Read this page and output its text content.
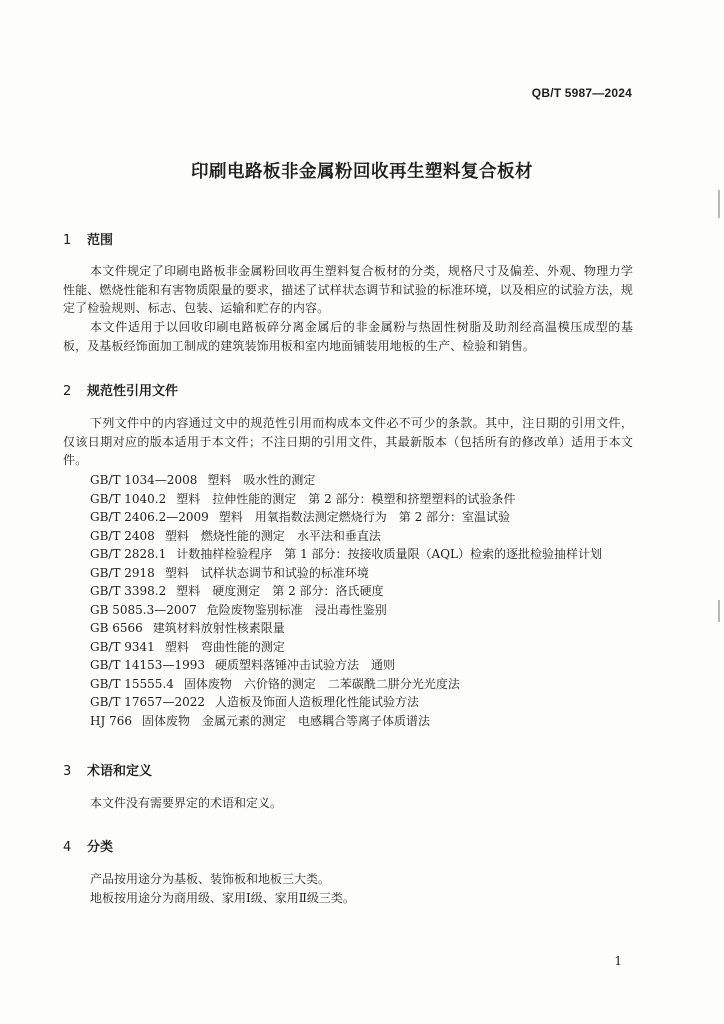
QB/T 5987—2024
印刷电路板非金属粉回收再生塑料复合板材
1 范围

本文件规定了印刷电路板非金属粉回收再生塑料复合板材的分类，规格尺寸及偏差、外观、物理力学性能、燃烧性能和有害物质限量的要求，描述了试样状态调节和试验的标准环境，以及相应的试验方法，规定了检验规则、标志、包装、运输和贮存的内容。

本文件适用于以回收印刷电路板碎分离金属后的非金属粉与热固性树脂及助剂经高温模压成型的基板，及基板经饰面加工制成的建筑装饰用板和室内地面铺装用地板的生产、检验和销售。

2 规范性引用文件

下列文件中的内容通过文中的规范性引用而构成本文件必不可少的条款。其中，注日期的引用文件，仅该日期对应的版本适用于本文件；不注日期的引用文件，其最新版本（包括所有的修改单）适用于本文件。

GB/T 1034—2008 塑料　吸水性的测定
GB/T 1040.2 塑料　拉伸性能的测定　第 2 部分：模塑和挤塑塑料的试验条件
GB/T 2406.2—2009 塑料　用氧指数法测定燃烧行为　第 2 部分：室温试验
GB/T 2408 塑料　燃烧性能的测定　水平法和垂直法
GB/T 2828.1 计数抽样检验程序　第 1 部分：按接收质量限（AQL）检索的逐批检验抽样计划
GB/T 2918 塑料　试样状态调节和试验的标准环境
GB/T 3398.2 塑料　硬度测定　第 2 部分：洛氏硬度
GB 5085.3—2007 危险废物鉴别标准　浸出毒性鉴别
GB 6566 建筑材料放射性核素限量
GB/T 9341 塑料　弯曲性能的测定
GB/T 14153—1993 硬质塑料落锤冲击试验方法　通则
GB/T 15555.4 固体废物　六价铬的测定　二苯碳酰二肼分光光度法
GB/T 17657—2022 人造板及饰面人造板理化性能试验方法
HJ 766 固体废物　金属元素的测定　电感耦合等离子体质谱法
3 术语和定义
本文件没有需要界定的术语和定义。
4 分类
产品按用途分为基板、装饰板和地板三大类。
地板按用途分为商用级、家用Ⅰ级、家用Ⅱ级三类。
1
